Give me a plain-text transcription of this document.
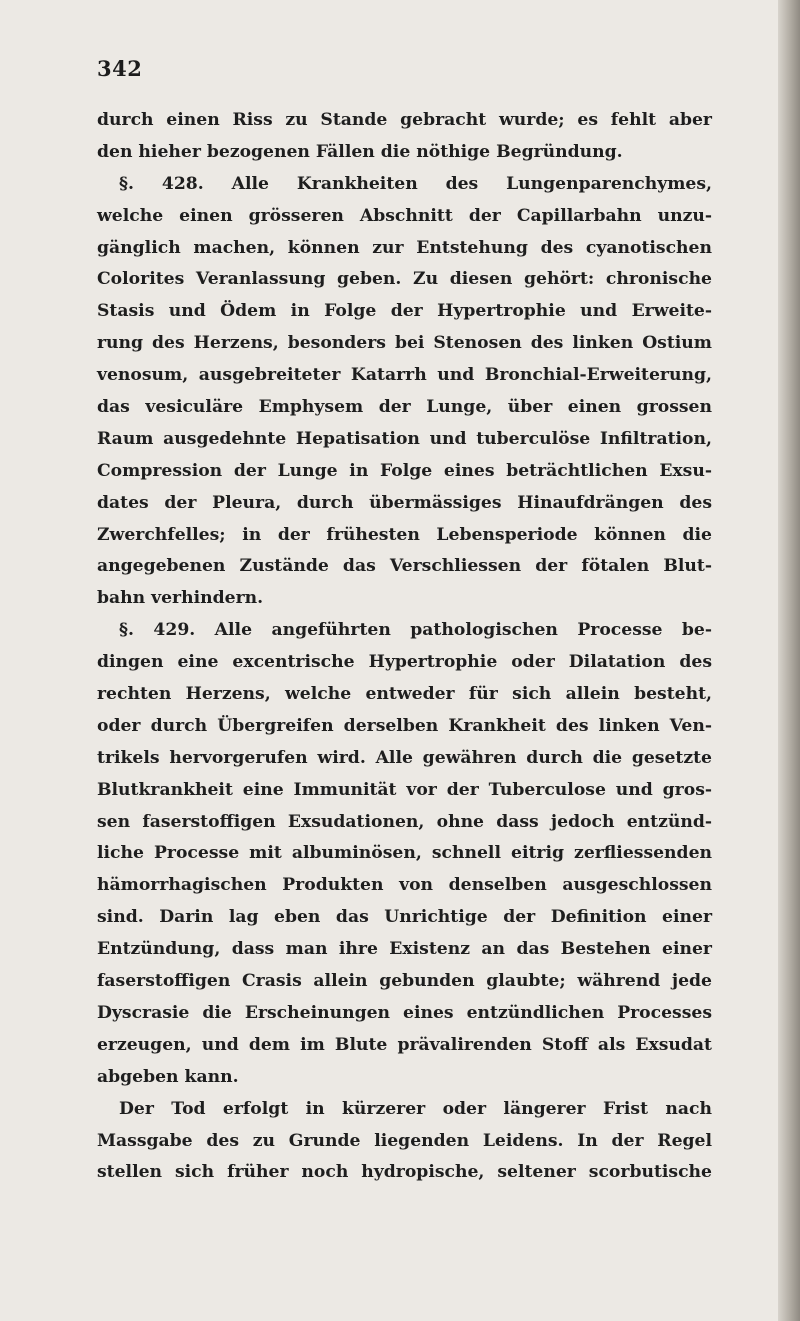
342
durch einen Riss zu Stande gebracht wurde; es fehlt aber
den hieher bezogenen Fällen die nöthige Begründung.
§. 428. Alle Krankheiten des Lungenparenchymes,
welche einen grösseren Abschnitt der Capillarbahn unzu-
gänglich machen, können zur Entstehung des cyanotischen
Colorites Veranlassung geben. Zu diesen gehört: chronische
Stasis und Ödem in Folge der Hypertrophie und Erweite-
rung des Herzens, besonders bei Stenosen des linken Ostium
venosum, ausgebreiteter Katarrh und Bronchial-Erweiterung,
das vesiculäre Emphysem der Lunge, über einen grossen
Raum ausgedehnte Hepatisation und tuberculöse Infiltration,
Compression der Lunge in Folge eines beträchtlichen Exsu-
dates der Pleura, durch übermässiges Hinaufdrängen des
Zwerchfelles; in der frühesten Lebensperiode können die
angegebenen Zustände das Verschliessen der fötalen Blut-
bahn verhindern.
§. 429. Alle angeführten pathologischen Processe be-
dingen eine excentrische Hypertrophie oder Dilatation des
rechten Herzens, welche entweder für sich allein besteht,
oder durch Übergreifen derselben Krankheit des linken Ven-
trikels hervorgerufen wird. Alle gewähren durch die gesetzte
Blutkrankheit eine Immunität vor der Tuberculose und gros-
sen faserstoffigen Exsudationen, ohne dass jedoch entzünd-
liche Processe mit albuminösen, schnell eitrig zerfliessenden
hämorrhagischen Produkten von denselben ausgeschlossen
sind. Darin lag eben das Unrichtige der Definition einer
Entzündung, dass man ihre Existenz an das Bestehen einer
faserstoffigen Crasis allein gebunden glaubte; während jede
Dyscrasie die Erscheinungen eines entzündlichen Processes
erzeugen, und dem im Blute prävalirenden Stoff als Exsudat
abgeben kann.
Der Tod erfolgt in kürzerer oder längerer Frist nach
Massgabe des zu Grunde liegenden Leidens. In der Regel
stellen sich früher noch hydropische, seltener scorbutische
